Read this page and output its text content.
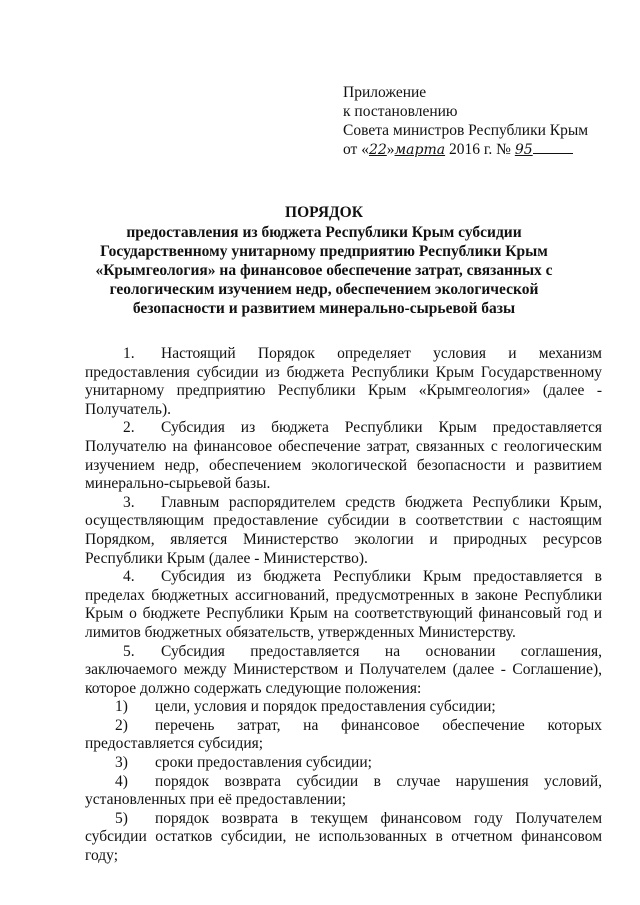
Приложение
к постановлению
Совета министров Республики Крым
от «22»марта 2016 г. № 95
ПОРЯДОК
предоставления из бюджета Республики Крым субсидии Государственному унитарному предприятию Республики Крым «Крымгеология» на финансовое обеспечение затрат, связанных с геологическим изучением недр, обеспечением экологической безопасности и развитием минерально-сырьевой базы

1. Настоящий Порядок определяет условия и механизм предоставления субсидии из бюджета Республики Крым Государственному унитарному предприятию Республики Крым «Крымгеология» (далее - Получатель).

2. Субсидия из бюджета Республики Крым предоставляется Получателю на финансовое обеспечение затрат, связанных с геологическим изучением недр, обеспечением экологической безопасности и развитием минерально-сырьевой базы.

3. Главным распорядителем средств бюджета Республики Крым, осуществляющим предоставление субсидии в соответствии с настоящим Порядком, является Министерство экологии и природных ресурсов Республики Крым (далее - Министерство).

4. Субсидия из бюджета Республики Крым предоставляется в пределах бюджетных ассигнований, предусмотренных в законе Республики Крым о бюджете Республики Крым на соответствующий финансовый год и лимитов бюджетных обязательств, утвержденных Министерству.

5. Субсидия предоставляется на основании соглашения, заключаемого между Министерством и Получателем (далее - Соглашение), которое должно содержать следующие положения:

1) цели, условия и порядок предоставления субсидии;

2) перечень затрат, на финансовое обеспечение которых предоставляется субсидия;

3) сроки предоставления субсидии;

4) порядок возврата субсидии в случае нарушения условий, установленных при её предоставлении;

5) порядок возврата в текущем финансовом году Получателем субсидии остатков субсидии, не использованных в отчетном финансовом году;
